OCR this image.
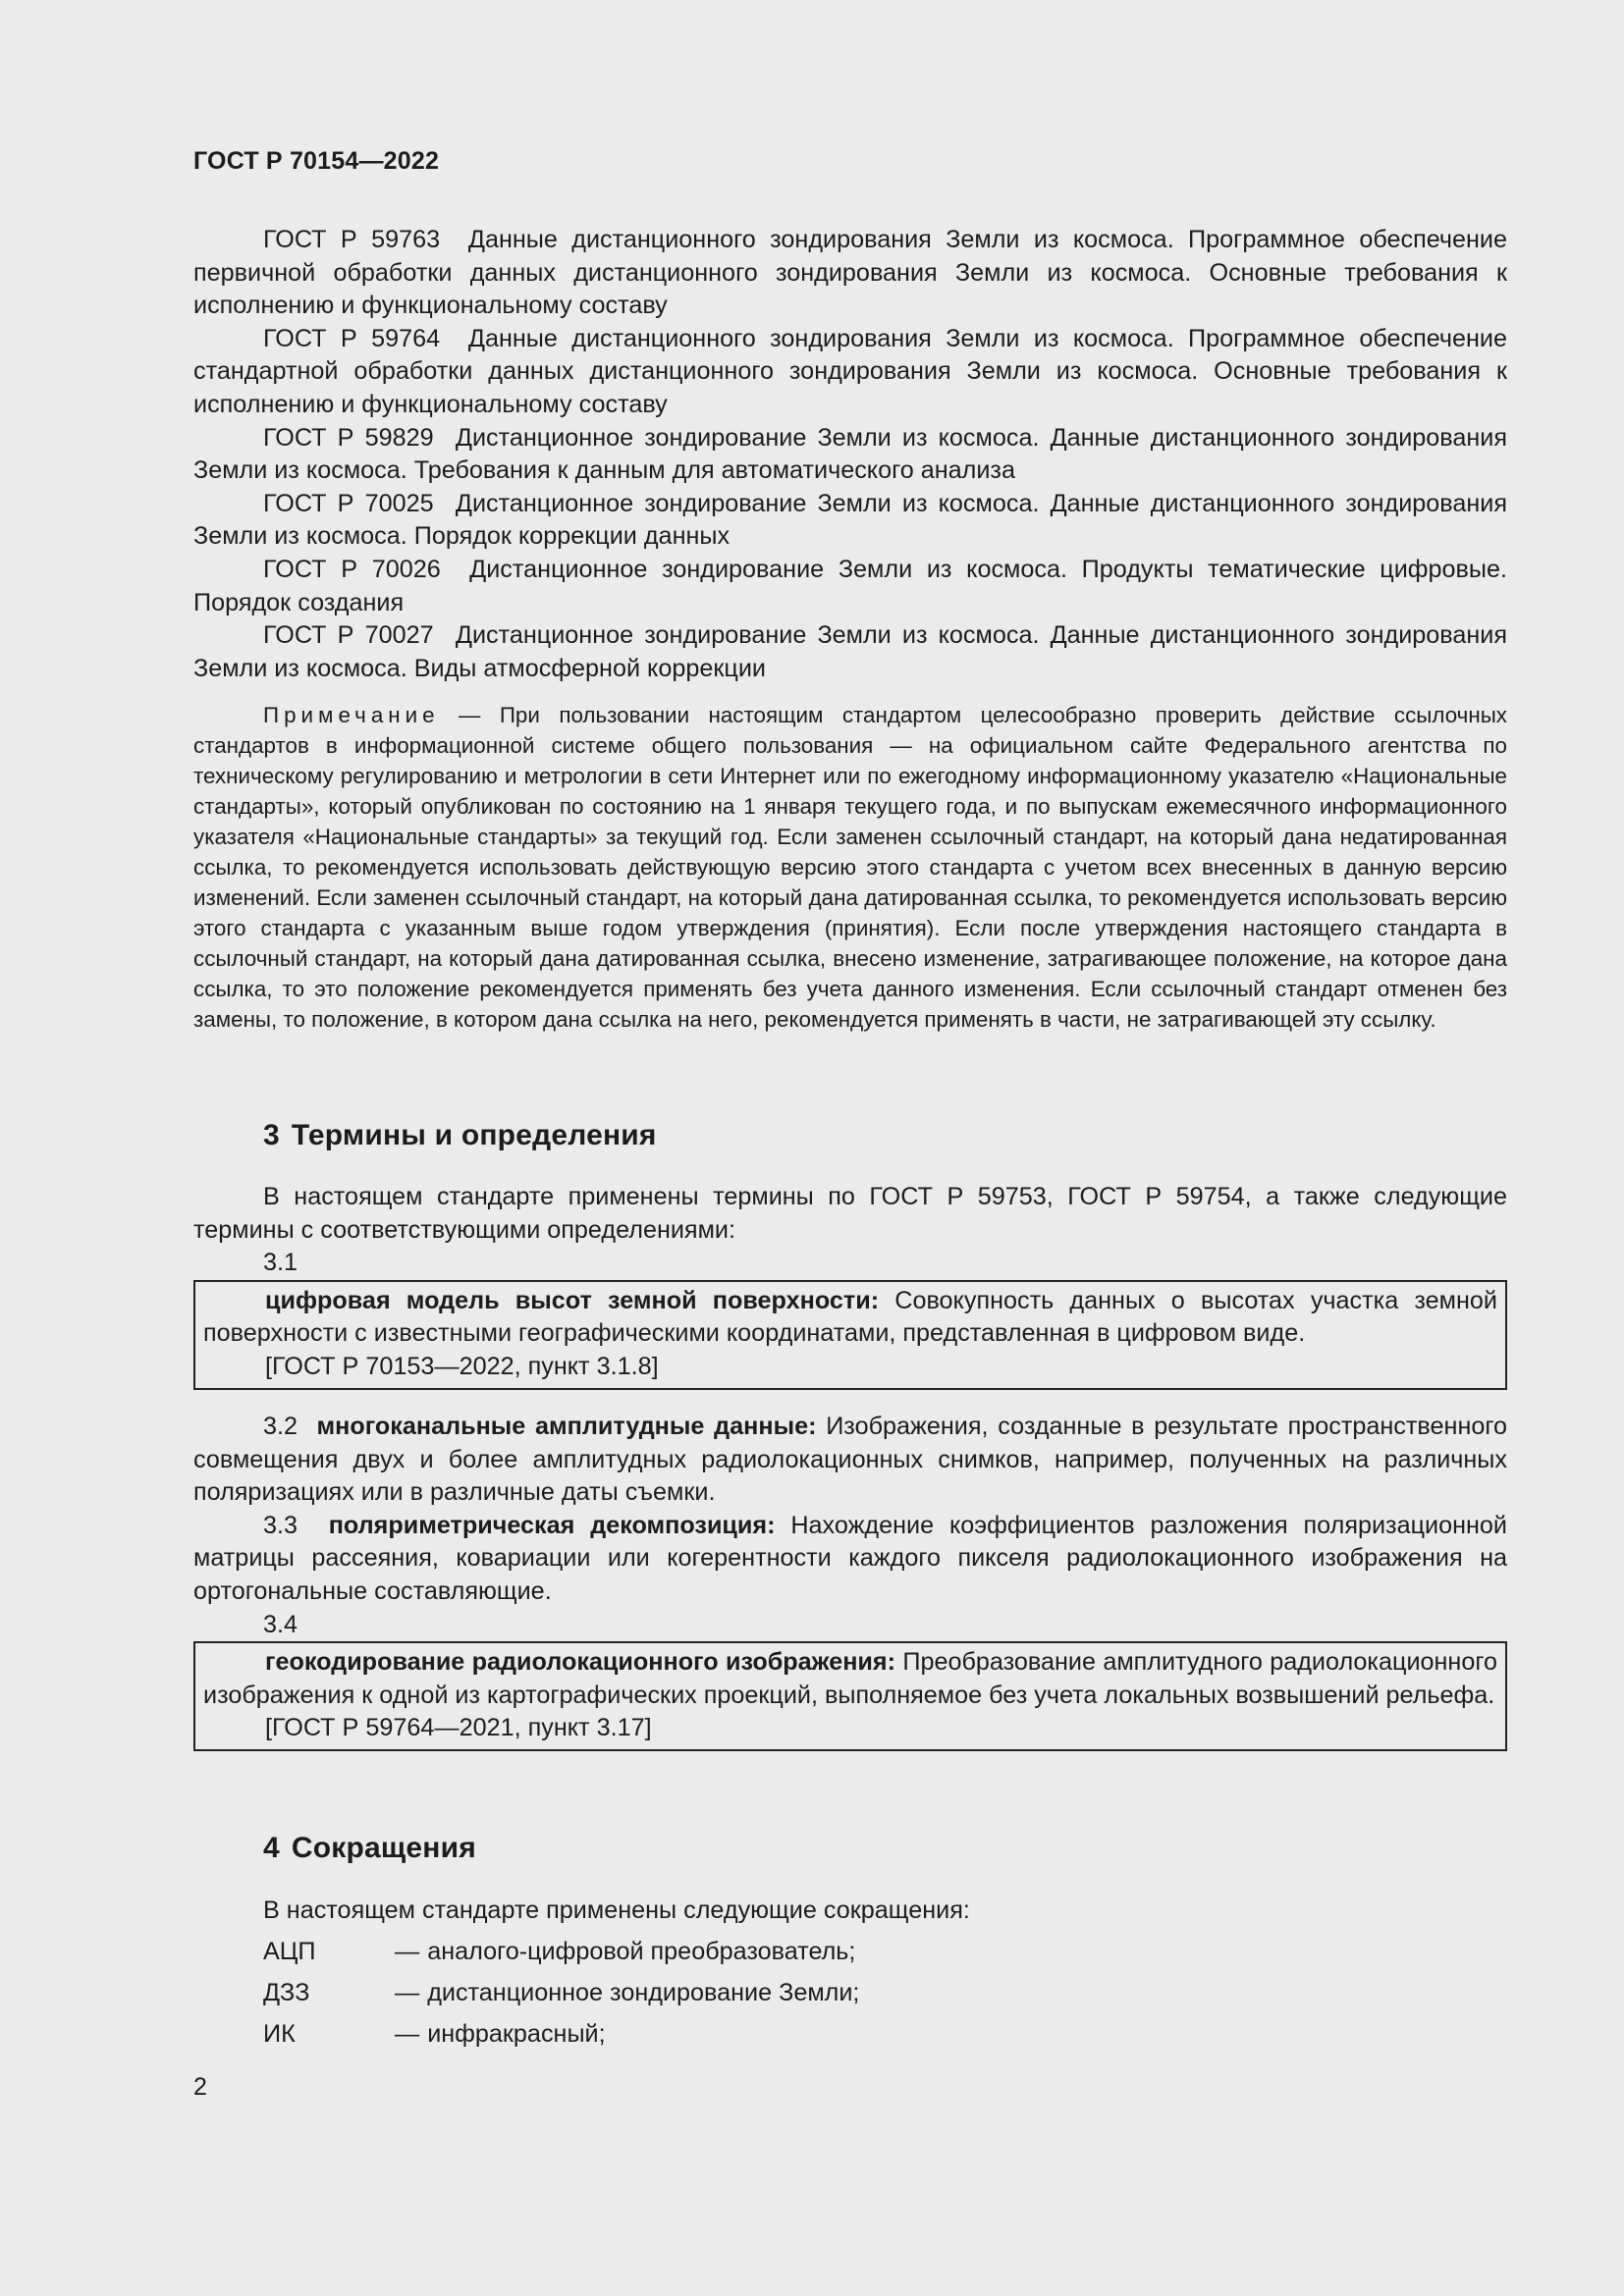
ГОСТ Р 70154—2022

ГОСТ Р 59763 Данные дистанционного зондирования Земли из космоса. Программное обеспечение первичной обработки данных дистанционного зондирования Земли из космоса. Основные требования к исполнению и функциональному составу

ГОСТ Р 59764 Данные дистанционного зондирования Земли из космоса. Программное обеспечение стандартной обработки данных дистанционного зондирования Земли из космоса. Основные требования к исполнению и функциональному составу

ГОСТ Р 59829 Дистанционное зондирование Земли из космоса. Данные дистанционного зондирования Земли из космоса. Требования к данным для автоматического анализа

ГОСТ Р 70025 Дистанционное зондирование Земли из космоса. Данные дистанционного зондирования Земли из космоса. Порядок коррекции данных

ГОСТ Р 70026 Дистанционное зондирование Земли из космоса. Продукты тематические цифровые. Порядок создания

ГОСТ Р 70027 Дистанционное зондирование Земли из космоса. Данные дистанционного зондирования Земли из космоса. Виды атмосферной коррекции

Примечание — При пользовании настоящим стандартом целесообразно проверить действие ссылочных стандартов в информационной системе общего пользования — на официальном сайте Федерального агентства по техническому регулированию и метрологии в сети Интернет или по ежегодному информационному указателю «Национальные стандарты», который опубликован по состоянию на 1 января текущего года, и по выпускам ежемесячного информационного указателя «Национальные стандарты» за текущий год. Если заменен ссылочный стандарт, на который дана недатированная ссылка, то рекомендуется использовать действующую версию этого стандарта с учетом всех внесенных в данную версию изменений. Если заменен ссылочный стандарт, на который дана датированная ссылка, то рекомендуется использовать версию этого стандарта с указанным выше годом утверждения (принятия). Если после утверждения настоящего стандарта в ссылочный стандарт, на который дана датированная ссылка, внесено изменение, затрагивающее положение, на которое дана ссылка, то это положение рекомендуется применять без учета данного изменения. Если ссылочный стандарт отменен без замены, то положение, в котором дана ссылка на него, рекомендуется применять в части, не затрагивающей эту ссылку.

3 Термины и определения

В настоящем стандарте применены термины по ГОСТ Р 59753, ГОСТ Р 59754, а также следующие термины с соответствующими определениями:

3.1

цифровая модель высот земной поверхности: Совокупность данных о высотах участка земной поверхности с известными географическими координатами, представленная в цифровом виде.

[ГОСТ Р 70153—2022, пункт 3.1.8]

3.2 многоканальные амплитудные данные: Изображения, созданные в результате пространственного совмещения двух и более амплитудных радиолокационных снимков, например, полученных на различных поляризациях или в различные даты съемки.

3.3 поляриметрическая декомпозиция: Нахождение коэффициентов разложения поляризационной матрицы рассеяния, ковариации или когерентности каждого пикселя радиолокационного изображения на ортогональные составляющие.

3.4

геокодирование радиолокационного изображения: Преобразование амплитудного радиолокационного изображения к одной из картографических проекций, выполняемое без учета локальных возвышений рельефа.

[ГОСТ Р 59764—2021, пункт 3.17]

4 Сокращения

В настоящем стандарте применены следующие сокращения:

АЦП	— аналого-цифровой преобразователь;
ДЗЗ	— дистанционное зондирование Земли;
ИК	— инфракрасный;
2
